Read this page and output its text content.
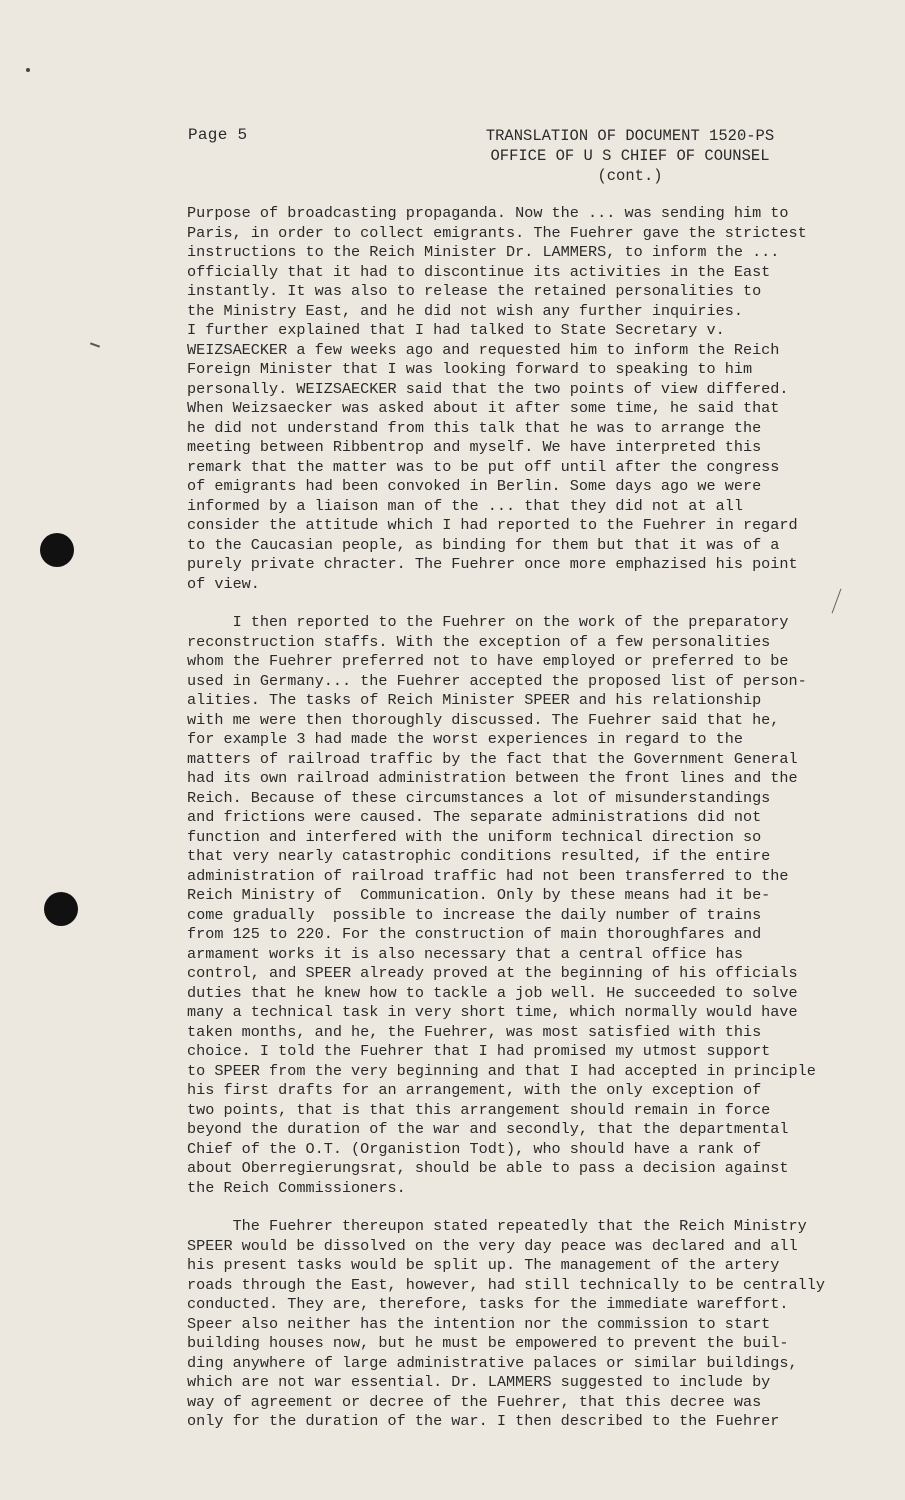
Page 5	TRANSLATION OF DOCUMENT 1520-PS
OFFICE OF U S CHIEF OF COUNSEL
(cont.)
Purpose of broadcasting propaganda. Now the ... was sending him to
Paris, in order to collect emigrants. The Fuehrer gave the strictest
instructions to the Reich Minister Dr. LAMMERS, to inform the ...
officially that it had to discontinue its activities in the East
instantly. It was also to release the retained personalities to
the Ministry East, and he did not wish any further inquiries.
I further explained that I had talked to State Secretary v.
WEIZSAECKER a few weeks ago and requested him to inform the Reich
Foreign Minister that I was looking forward to speaking to him
personally. WEIZSAECKER said that the two points of view differed.
When Weizsaecker was asked about it after some time, he said that
he did not understand from this talk that he was to arrange the
meeting between Ribbentrop and myself. We have interpreted this
remark that the matter was to be put off until after the congress
of emigrants had been convoked in Berlin. Some days ago we were
informed by a liaison man of the ... that they did not at all
consider the attitude which I had reported to the Fuehrer in regard
to the Caucasian people, as binding for them but that it was of a
purely private chracter. The Fuehrer once more emphazised his point
of view.
I then reported to the Fuehrer on the work of the preparatory
reconstruction staffs. With the exception of a few personalities
whom the Fuehrer preferred not to have employed or preferred to be
used in Germany... the Fuehrer accepted the proposed list of person-
alities. The tasks of Reich Minister SPEER and his relationship
with me were then thoroughly discussed. The Fuehrer said that he,
for example 3 had made the worst experiences in regard to the
matters of railroad traffic by the fact that the Government General
had its own railroad administration between the front lines and the
Reich. Because of these circumstances a lot of misunderstandings
and frictions were caused. The separate administrations did not
function and interfered with the uniform technical direction so
that very nearly catastrophic conditions resulted, if the entire
administration of railroad traffic had not been transferred to the
Reich Ministry of  Communication. Only by these means had it be-
come gradually  possible to increase the daily number of trains
from 125 to 220. For the construction of main thoroughfares and
armament works it is also necessary that a central office has
control, and SPEER already proved at the beginning of his officials
duties that he knew how to tackle a job well. He succeeded to solve
many a technical task in very short time, which normally would have
taken months, and he, the Fuehrer, was most satisfied with this
choice. I told the Fuehrer that I had promised my utmost support
to SPEER from the very beginning and that I had accepted in principle
his first drafts for an arrangement, with the only exception of
two points, that is that this arrangement should remain in force
beyond the duration of the war and secondly, that the departmental
Chief of the O.T. (Organistion Todt), who should have a rank of
about Oberregierungsrat, should be able to pass a decision against
the Reich Commissioners.
The Fuehrer thereupon stated repeatedly that the Reich Ministry
SPEER would be dissolved on the very day peace was declared and all
his present tasks would be split up. The management of the artery
roads through the East, however, had still technically to be centrally
conducted. They are, therefore, tasks for the immediate wareffort.
Speer also neither has the intention nor the commission to start
building houses now, but he must be empowered to prevent the buil-
ding anywhere of large administrative palaces or similar buildings,
which are not war essential. Dr. LAMMERS suggested to include by
way of agreement or decree of the Fuehrer, that this decree was
only for the duration of the war. I then described to the Fuehrer
